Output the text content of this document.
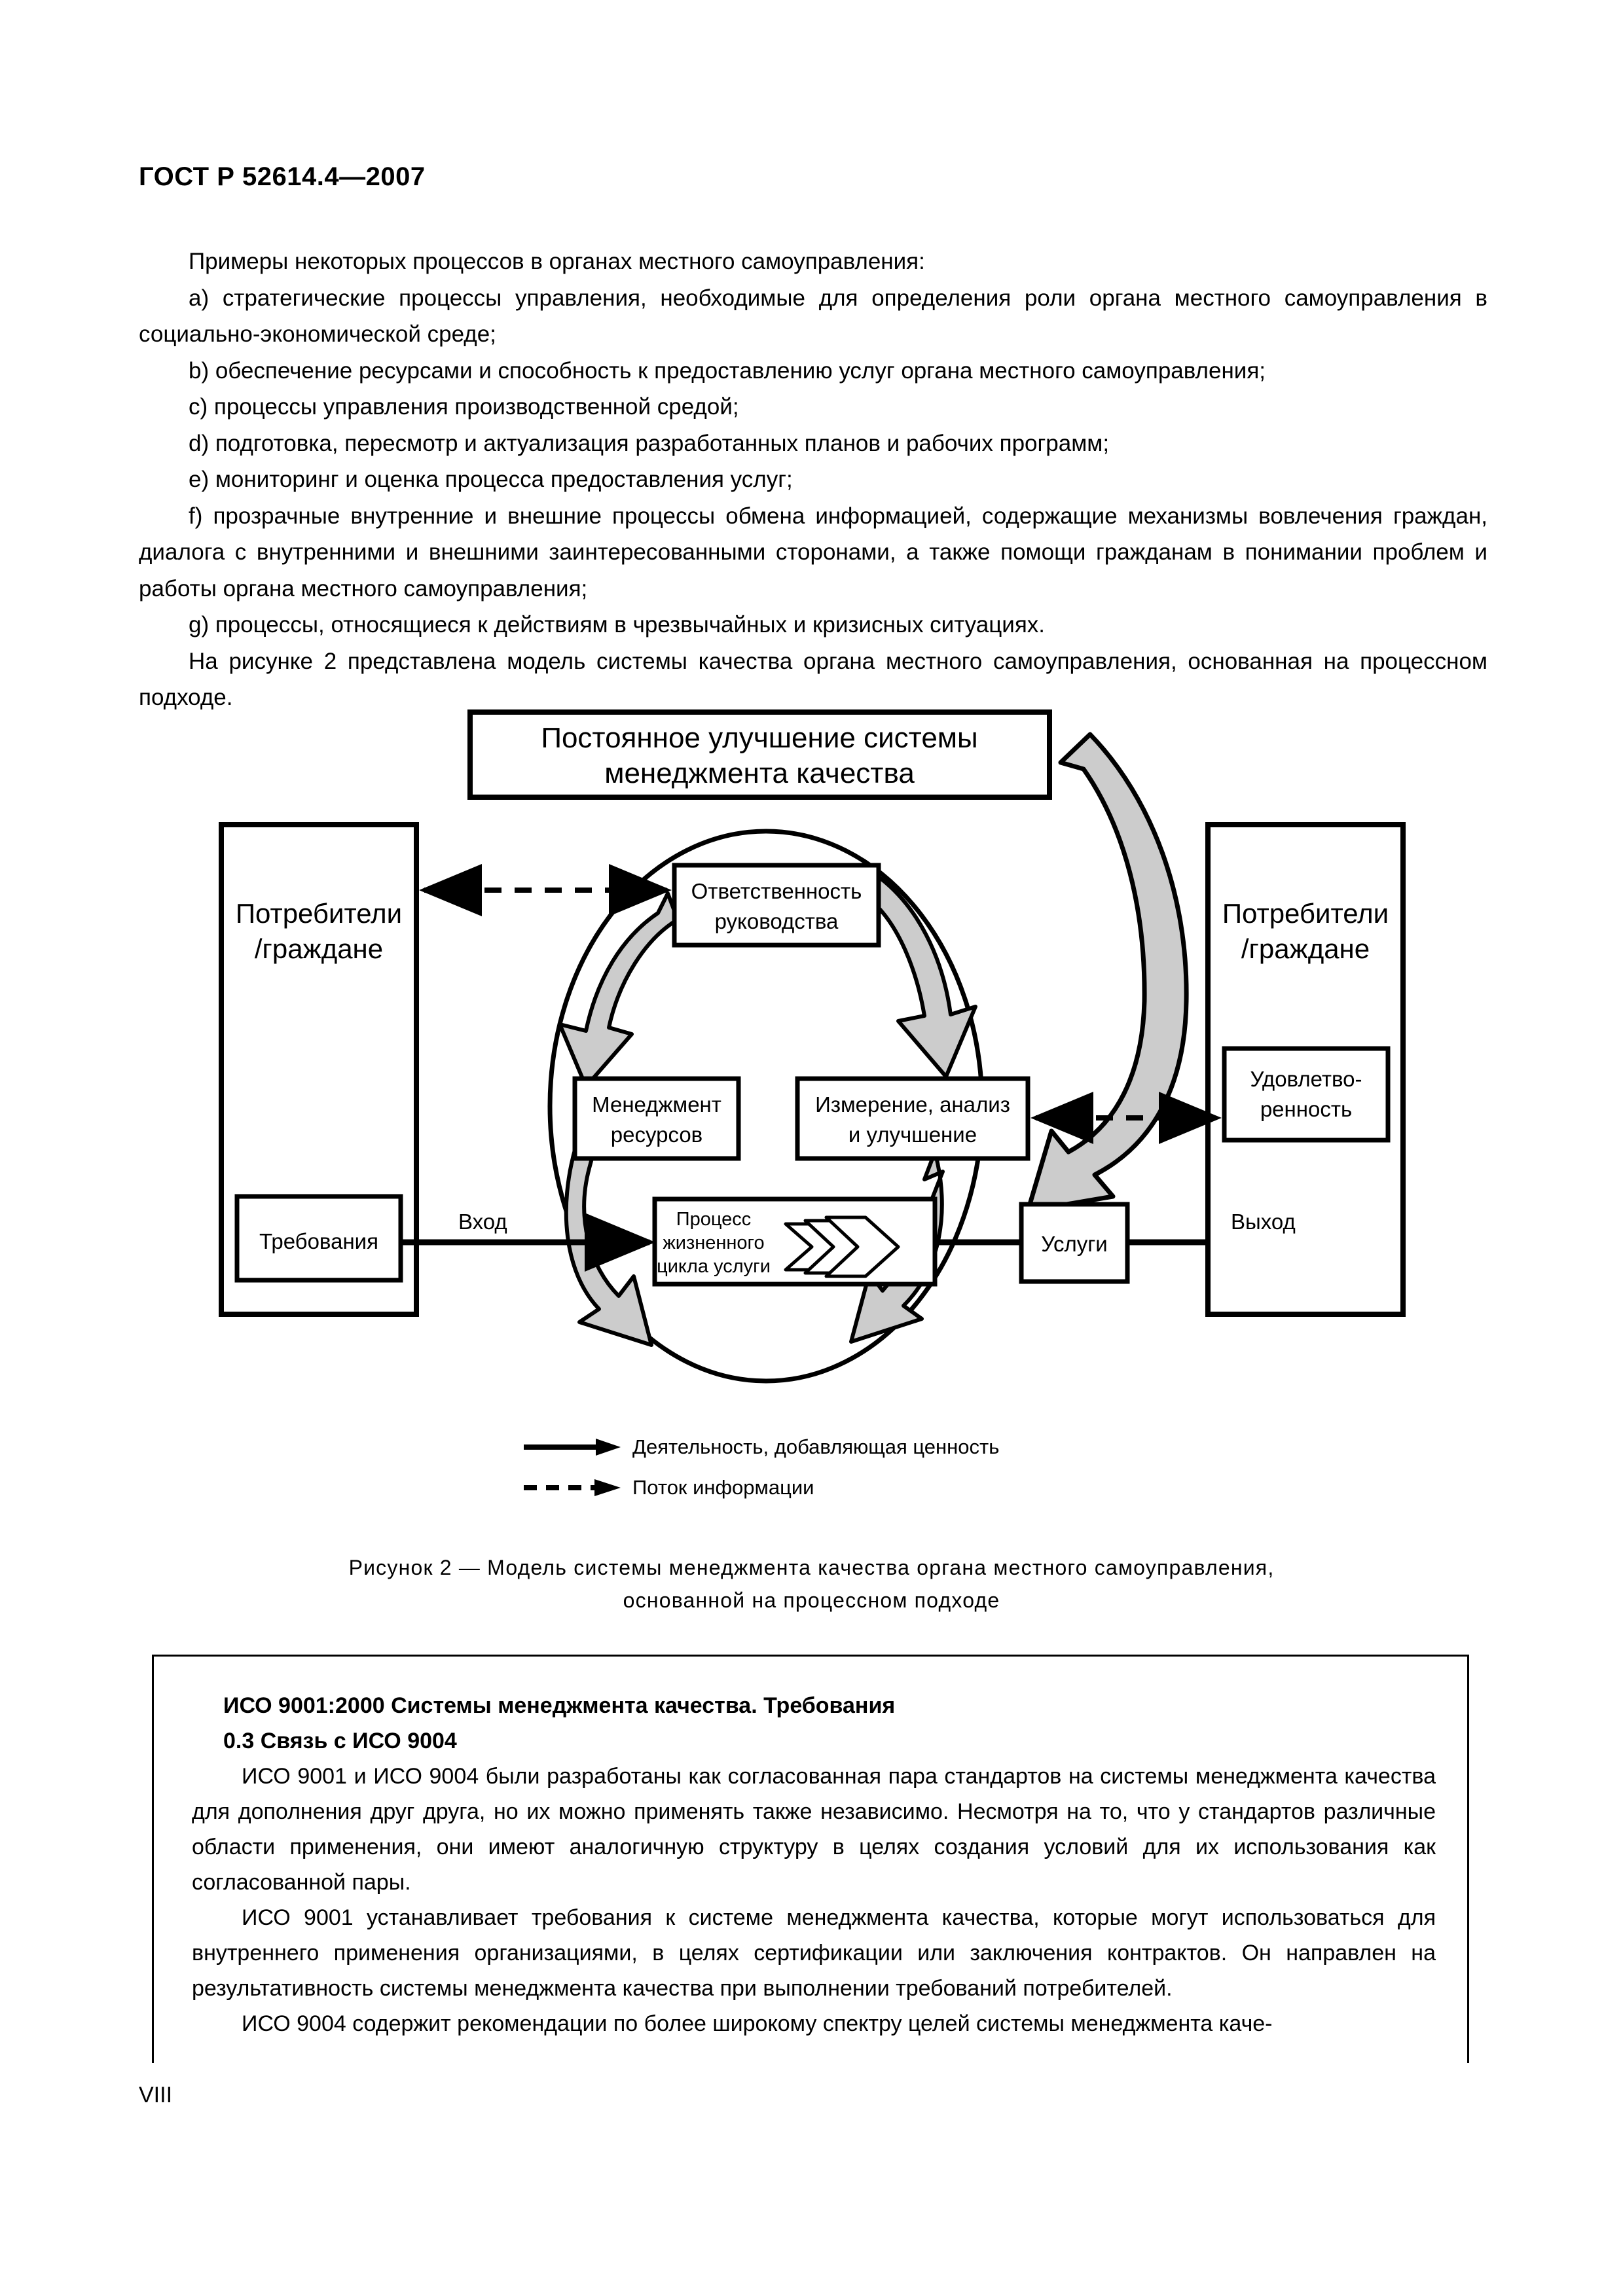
ГОСТ Р 52614.4—2007

Примеры некоторых процессов в органах местного самоуправления:

a) стратегические процессы управления, необходимые для определения роли органа местного самоуправления в социально-экономической среде;

b) обеспечение ресурсами и способность к предоставлению услуг органа местного самоуправления;

c) процессы управления производственной средой;

d) подготовка, пересмотр и актуализация разработанных планов и рабочих программ;

e) мониторинг и оценка процесса предоставления услуг;

f) прозрачные внутренние и внешние процессы обмена информацией, содержащие механизмы вовлечения граждан, диалога с внутренними и внешними заинтересованными сторонами, а также помощи гражданам в понимании проблем и работы органа местного самоуправления;

g) процессы, относящиеся к действиям в чрезвычайных и кризисных ситуациях.

На рисунке 2 представлена модель системы качества органа местного самоуправления, основанная на процессном подходе.

Постоянное улучшение системы
менеджмента качества
Потребители
/граждане
Требования
Потребители
/граждане
Удовлетво-
ренность
Ответственность
руководства
Менеджмент
ресурсов
Измерение, анализ
и улучшение
Процесс
жизненного
цикла услуги
Услуги
Вход	Выход
Деятельность, добавляющая ценность
Поток информации
Рисунок 2 — Модель системы менеджмента качества органа местного самоуправления,
основанной на процессном подходе

ИСО 9001:2000 Системы менеджмента качества. Требования

0.3 Связь с ИСО 9004

ИСО 9001 и ИСО 9004 были разработаны как согласованная пара стандартов на системы менеджмента качества для дополнения друг друга, но их можно применять также независимо. Несмотря на то, что у стандартов различные области применения, они имеют аналогичную структуру в целях создания условий для их использования как согласованной пары.

ИСО 9001 устанавливает требования к системе менеджмента качества, которые могут использоваться для внутреннего применения организациями, в целях сертификации или заключения контрактов. Он направлен на результативность системы менеджмента качества при выполнении требований потребителей.

ИСО 9004 содержит рекомендации по более широкому спектру целей системы менеджмента каче-

VIII
